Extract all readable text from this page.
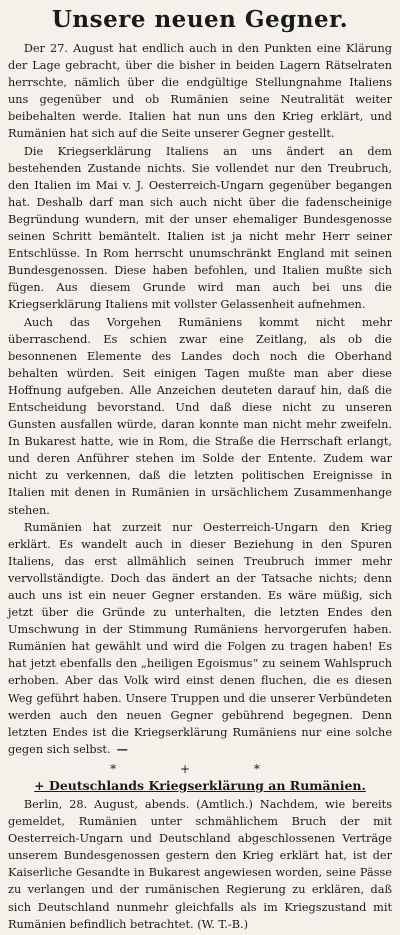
Unsere neuen Gegner.

Der 27. August hat endlich auch in den Punkten eine Klärung der Lage gebracht, über die bisher in beiden Lagern Rätselraten herrschte, nämlich über die endgültige Stellungnahme Italiens uns gegenüber und ob Rumänien seine Neutralität weiter beibehalten werde. Italien hat nun uns den Krieg erklärt, und Rumänien hat sich auf die Seite unserer Gegner gestellt.

Die Kriegserklärung Italiens an uns ändert an dem bestehenden Zustande nichts. Sie vollendet nur den Treubruch, den Italien im Mai v. J. Oesterreich-Ungarn gegenüber begangen hat. Deshalb darf man sich auch nicht über die fadenscheinige Begründung wundern, mit der unser ehemaliger Bundesgenosse seinen Schritt bemäntelt. Italien ist ja nicht mehr Herr seiner Entschlüsse. In Rom herrscht unumschränkt England mit seinen Bundesgenossen. Diese haben befohlen, und Italien mußte sich fügen. Aus diesem Grunde wird man auch bei uns die Kriegserklärung Italiens mit vollster Gelassenheit aufnehmen.

Auch das Vorgehen Rumäniens kommt nicht mehr überraschend. Es schien zwar eine Zeitlang, als ob die besonnenen Elemente des Landes doch noch die Oberhand behalten würden. Seit einigen Tagen mußte man aber diese Hoffnung aufgeben. Alle Anzeichen deuteten darauf hin, daß die Entscheidung bevorstand. Und daß diese nicht zu unseren Gunsten ausfallen würde, daran konnte man nicht mehr zweifeln. In Bukarest hatte, wie in Rom, die Straße die Herrschaft erlangt, und deren Anführer stehen im Solde der Entente. Zudem war nicht zu verkennen, daß die letzten politischen Ereignisse in Italien mit denen in Rumänien in ursächlichem Zusammenhange stehen.

Rumänien hat zurzeit nur Oesterreich-Ungarn den Krieg erklärt. Es wandelt auch in dieser Beziehung in den Spuren Italiens, das erst allmählich seinen Treubruch immer mehr vervollständigte. Doch das ändert an der Tatsache nichts; denn auch uns ist ein neuer Gegner erstanden. Es wäre müßig, sich jetzt über die Gründe zu unterhalten, die letzten Endes den Umschwung in der Stimmung Rumäniens hervorgerufen haben. Rumänien hat gewählt und wird die Folgen zu tragen haben! Es hat jetzt ebenfalls den „heiligen Egoismus“ zu seinem Wahlspruch erhoben. Aber das Volk wird einst denen fluchen, die es diesen Weg geführt haben. Unsere Truppen und die unserer Verbündeten werden auch den neuen Gegner gebührend begegnen. Denn letzten Endes ist die Kriegserklärung Rumäniens nur eine solche gegen sich selbst. —

* + *
+ Deutschlands Kriegserklärung an Rumänien.

Berlin, 28. August, abends. (Amtlich.) Nachdem, wie bereits gemeldet, Rumänien unter schmählichem Bruch der mit Oesterreich-Ungarn und Deutschland abgeschlossenen Verträge unserem Bundesgenossen gestern den Krieg erklärt hat, ist der Kaiserliche Gesandte in Bukarest angewiesen worden, seine Pässe zu verlangen und der rumänischen Regierung zu erklären, daß sich Deutschland nunmehr gleichfalls als im Kriegszustand mit Rumänien befindlich betrachtet. (W. T.-B.)
